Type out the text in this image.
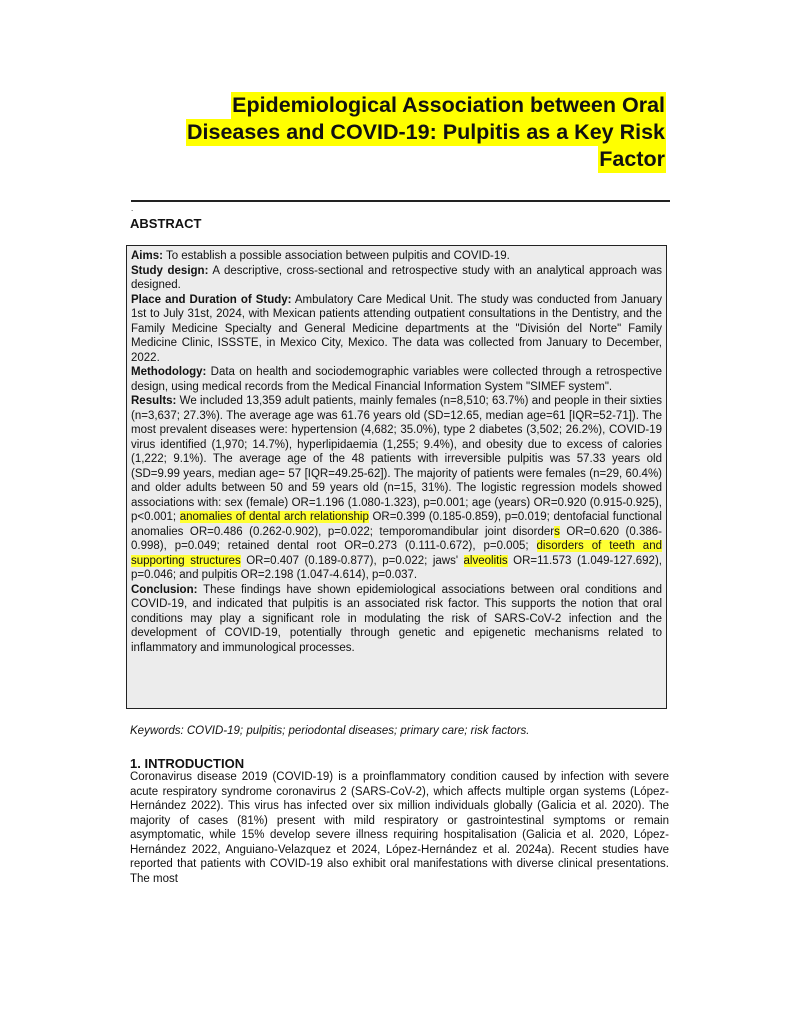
Epidemiological Association between Oral
Diseases and COVID-19: Pulpitis as a Key Risk
Factor
.
ABSTRACT

Aims: To establish a possible association between pulpitis and COVID-19.

Study design: A descriptive, cross-sectional and retrospective study with an analytical approach was designed.

Place and Duration of Study: Ambulatory Care Medical Unit. The study was conducted from January 1st to July 31st, 2024, with Mexican patients attending outpatient consultations in the Dentistry, and the Family Medicine Specialty and General Medicine departments at the "División del Norte" Family Medicine Clinic, ISSSTE, in Mexico City, Mexico. The data was collected from January to December, 2022.

Methodology: Data on health and sociodemographic variables were collected through a retrospective design, using medical records from the Medical Financial Information System "SIMEF system".

Results: We included 13,359 adult patients, mainly females (n=8,510; 63.7%) and people in their sixties (n=3,637; 27.3%). The average age was 61.76 years old (SD=12.65, median age=61 [IQR=52-71]). The most prevalent diseases were: hypertension (4,682; 35.0%), type 2 diabetes (3,502; 26.2%), COVID-19 virus identified (1,970; 14.7%), hyperlipidaemia (1,255; 9.4%), and obesity due to excess of calories (1,222; 9.1%). The average age of the 48 patients with irreversible pulpitis was 57.33 years old (SD=9.99 years, median age= 57 [IQR=49.25-62]). The majority of patients were females (n=29, 60.4%) and older adults between 50 and 59 years old (n=15, 31%). The logistic regression models showed associations with: sex (female) OR=1.196 (1.080-1.323), p=0.001; age (years) OR=0.920 (0.915-0.925), p<0.001; anomalies of dental arch relationship OR=0.399 (0.185-0.859), p=0.019; dentofacial functional anomalies OR=0.486 (0.262-0.902), p=0.022; temporomandibular joint disorders OR=0.620 (0.386-0.998), p=0.049; retained dental root OR=0.273 (0.111-0.672), p=0.005; disorders of teeth and supporting structures OR=0.407 (0.189-0.877), p=0.022; jaws' alveolitis OR=11.573 (1.049-127.692), p=0.046; and pulpitis OR=2.198 (1.047-4.614), p=0.037.

Conclusion: These findings have shown epidemiological associations between oral conditions and COVID-19, and indicated that pulpitis is an associated risk factor. This supports the notion that oral conditions may play a significant role in modulating the risk of SARS-CoV-2 infection and the development of COVID-19, potentially through genetic and epigenetic mechanisms related to inflammatory and immunological processes.

Keywords: COVID-19; pulpitis; periodontal diseases; primary care; risk factors.
1. INTRODUCTION

Coronavirus disease 2019 (COVID-19) is a proinflammatory condition caused by infection with severe acute respiratory syndrome coronavirus 2 (SARS-CoV-2), which affects multiple organ systems (López-Hernández 2022). This virus has infected over six million individuals globally (Galicia et al. 2020). The majority of cases (81%) present with mild respiratory or gastrointestinal symptoms or remain asymptomatic, while 15% develop severe illness requiring hospitalisation (Galicia et al. 2020, López-Hernández 2022, Anguiano-Velazquez et 2024, López-Hernández et al. 2024a). Recent studies have reported that patients with COVID-19 also exhibit oral manifestations with diverse clinical presentations. The most
